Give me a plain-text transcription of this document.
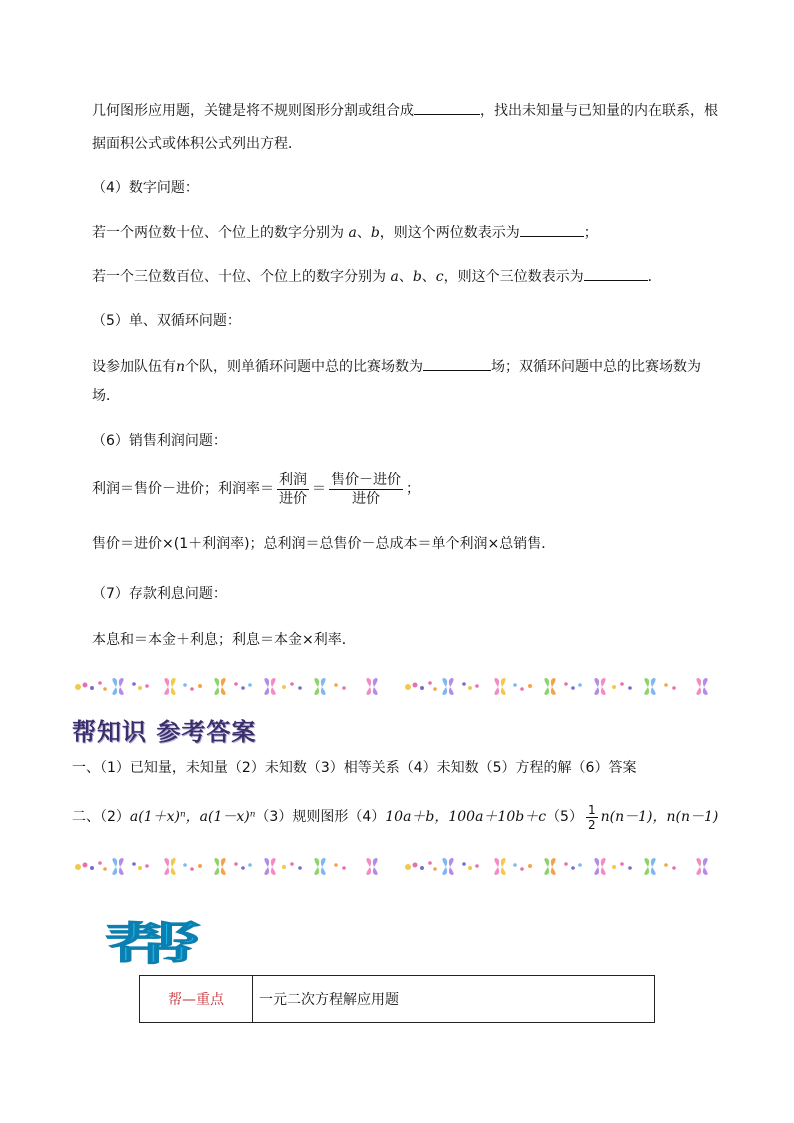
几何图形应用题，关键是将不规则图形分割或组合成	，找出未知量与已知量的内在联系，根
据面积公式或体积公式列出方程．
（4）数字问题：
若一个两位数十位、个位上的数字分别为 a、b，则这个两位数表示为	；
若一个三位数百位、十位、个位上的数字分别为 a、b、c，则这个三位数表示为	．
（5）单、双循环问题：
设参加队伍有n个队，则单循环问题中总的比赛场数为	场；双循环问题中总的比赛场数为
场．
（6）销售利润问题：
利润＝售价－进价；利润率＝ $\frac{\text{利润}}{\text{进价}} = \frac{\text{售价－进价}}{\text{进价}}$ ；
售价＝进价×(1＋利润率)；总利润＝总售价－总成本＝单个利润×总销售．
（7）存款利息问题：
本息和＝本金＋利息；利息＝本金×利率．
帮知识 参考答案
一、（1）已知量，未知量（2）未知数（3）相等关系（4）未知数（5）方程的解（6）答案
二、（2）a(1＋x)ⁿ，a(1－x)ⁿ（3）规则图形（4）10a＋b，$100a+10b+c(5) \frac{1}{2} n(n-1)$，n(n－1)
帮
帮—重点	一元二次方程解应用题
